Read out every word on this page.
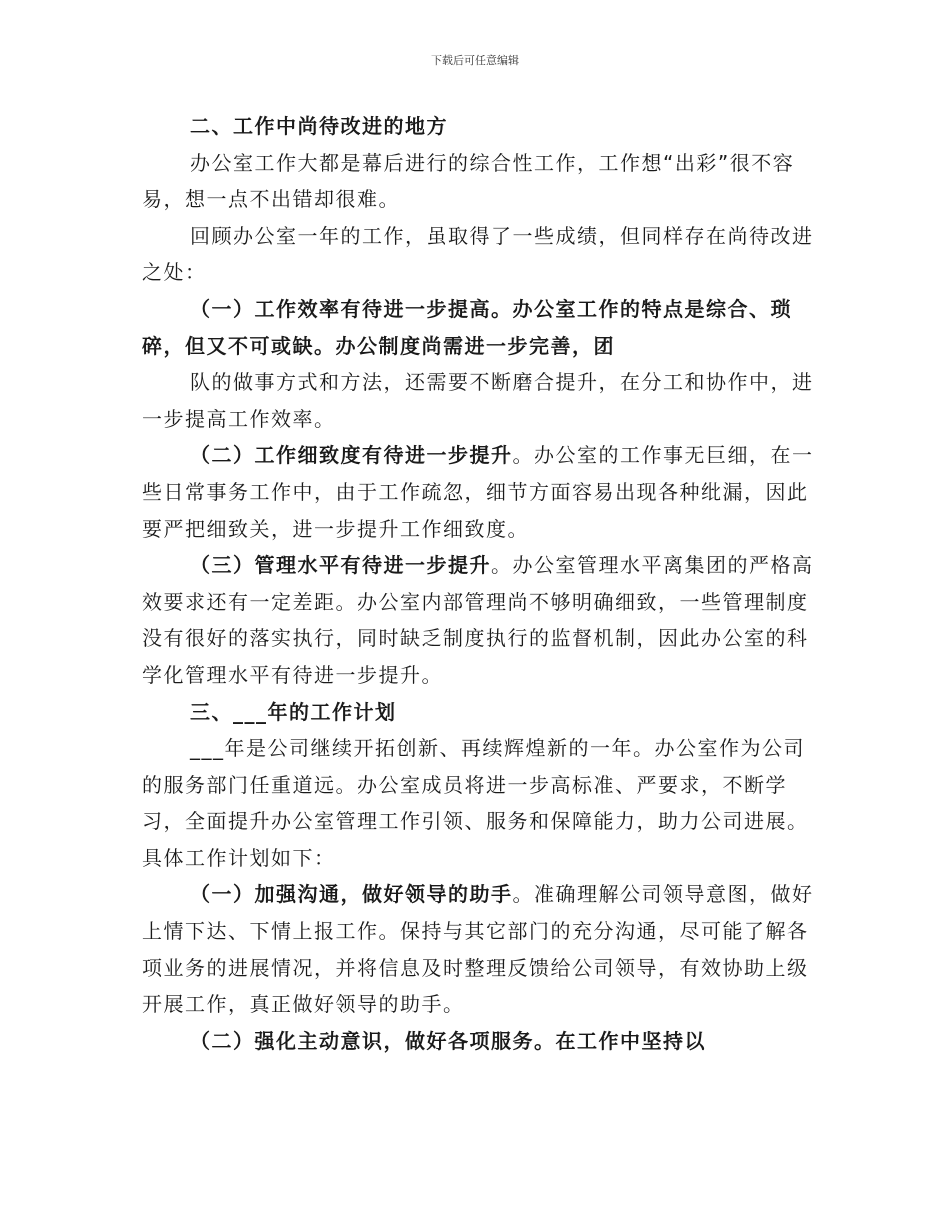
下载后可任意编辑

二、工作中尚待改进的地方

办公室工作大都是幕后进行的综合性工作，工作想“出彩”很不容易，想一点不出错却很难。

回顾办公室一年的工作，虽取得了一些成绩，但同样存在尚待改进之处：

（一）工作效率有待进一步提高。办公室工作的特点是综合、琐碎，但又不可或缺。办公制度尚需进一步完善，团

队的做事方式和方法，还需要不断磨合提升，在分工和协作中，进一步提高工作效率。

（二）工作细致度有待进一步提升。办公室的工作事无巨细，在一些日常事务工作中，由于工作疏忽，细节方面容易出现各种纰漏，因此要严把细致关，进一步提升工作细致度。

（三）管理水平有待进一步提升。办公室管理水平离集团的严格高效要求还有一定差距。办公室内部管理尚不够明确细致，一些管理制度没有很好的落实执行，同时缺乏制度执行的监督机制，因此办公室的科学化管理水平有待进一步提升。

三、___年的工作计划

___年是公司继续开拓创新、再续辉煌新的一年。办公室作为公司的服务部门任重道远。办公室成员将进一步高标准、严要求，不断学习，全面提升办公室管理工作引领、服务和保障能力，助力公司进展。具体工作计划如下：

（一）加强沟通，做好领导的助手。准确理解公司领导意图，做好上情下达、下情上报工作。保持与其它部门的充分沟通，尽可能了解各项业务的进展情况，并将信息及时整理反馈给公司领导，有效协助上级开展工作，真正做好领导的助手。

（二）强化主动意识，做好各项服务。在工作中坚持以
